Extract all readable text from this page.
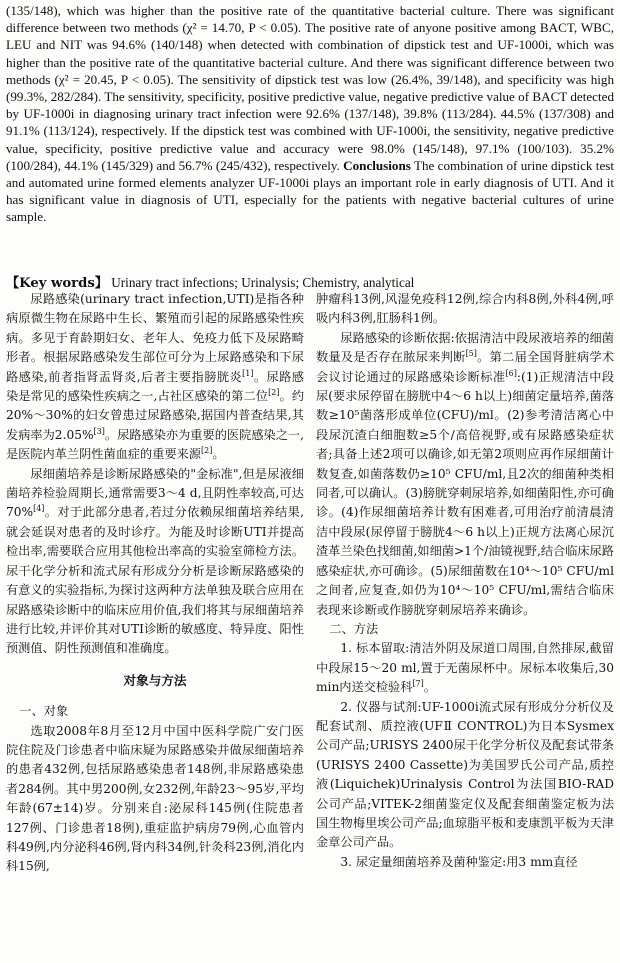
(135/148), which was higher than the positive rate of the quantitative bacterial culture. There was significant difference between two methods (χ² = 14.70, P < 0.05). The positive rate of anyone positive among BACT, WBC, LEU and NIT was 94.6% (140/148) when detected with combination of dipstick test and UF-1000i, which was higher than the positive rate of the quantitative bacterial culture. And there was significant difference between two methods (χ² = 20.45, P < 0.05). The sensitivity of dipstick test was low (26.4%, 39/148), and specificity was high (99.3%, 282/284). The sensitivity, specificity, positive predictive value, negative predictive value of BACT detected by UF-1000i in diagnosing urinary tract infection were 92.6% (137/148), 39.8% (113/284). 44.5% (137/308) and 91.1% (113/124), respectively. If the dipstick test was combined with UF-1000i, the sensitivity, negative predictive value, specificity, positive predictive value and accuracy were 98.0% (145/148), 97.1% (100/103). 35.2% (100/284), 44.1% (145/329) and 56.7% (245/432), respectively. Conclusions The combination of urine dipstick test and automated urine formed elements analyzer UF-1000i plays an important role in early diagnosis of UTI. And it has significant value in diagnosis of UTI, especially for the patients with negative bacterial cultures of urine sample.
【Key words】 Urinary tract infections; Urinalysis; Chemistry, analytical

尿路感染(urinary tract infection,UTI)是指各种病原微生物在尿路中生长、繁殖而引起的尿路感染性疾病。多见于育龄期妇女、老年人、免疫力低下及尿路畸形者。根据尿路感染发生部位可分为上尿路感染和下尿路感染,前者指肾盂肾炎,后者主要指膀胱炎[1]。尿路感染是常见的感染性疾病之一,占社区感染的第二位[2]。约20%～30%的妇女曾患过尿路感染,据国内普查结果,其发病率为2.05%[3]。尿路感染亦为重要的医院感染之一,是医院内革兰阴性菌血症的重要来源[2]。

尿细菌培养是诊断尿路感染的"金标准",但是尿液细菌培养检验周期长,通常需要3～4 d,且阴性率较高,可达70%[4]。对于此部分患者,若过分依赖尿细菌培养结果,就会延误对患者的及时诊疗。为能及时诊断UTI并提高检出率,需要联合应用其他检出率高的实验室筛检方法。尿干化学分析和流式尿有形成分分析是诊断尿路感染的有意义的实验指标,为探讨这两种方法单独及联合应用在尿路感染诊断中的临床应用价值,我们将其与尿细菌培养进行比较,并评价其对UTI诊断的敏感度、特异度、阳性预测值、阴性预测值和准确度。

对象与方法

一、对象

选取2008年8月至12月中国中医科学院广安门医院住院及门诊患者中临床疑为尿路感染并做尿细菌培养的患者432例,包括尿路感染患者148例,非尿路感染患者284例。其中男200例,女232例,年龄23～95岁,平均年龄(67±14)岁。分别来自:泌尿科145例(住院患者127例、门诊患者18例),重症监护病房79例,心血管内科49例,内分泌科46例,肾内科34例,针灸科23例,消化内科15例,

肿瘤科13例,风湿免疫科12例,综合内科8例,外科4例,呼吸内科3例,肛肠科1例。

尿路感染的诊断依据:依据清洁中段尿液培养的细菌数量及是否存在脓尿来判断[5]。第二届全国肾脏病学术会议讨论通过的尿路感染诊断标准[6]:(1)正规清洁中段尿(要求尿停留在膀胱中4～6 h以上)细菌定量培养,菌落数≥10⁵菌落形成单位(CFU)/ml。(2)参考清洁离心中段尿沉渣白细胞数≥5个/高倍视野,或有尿路感染症状者;具备上述2项可以确诊,如无第2项则应再作尿细菌计数复查,如菌落数仍≥10⁵ CFU/ml,且2次的细菌种类相同者,可以确认。(3)膀胱穿刺尿培养,如细菌阳性,亦可确诊。(4)作尿细菌培养计数有困难者,可用治疗前清晨清洁中段尿(尿停留于膀胱4～6 h以上)正规方法离心尿沉渣革兰染色找细菌,如细菌>1个/油镜视野,结合临床尿路感染症状,亦可确诊。(5)尿细菌数在10⁴～10⁵ CFU/ml之间者,应复查,如仍为10⁴～10⁵ CFU/ml,需结合临床表现来诊断或作膀胱穿刺尿培养来确诊。

二、方法

1. 标本留取:清洁外阴及尿道口周围,自然排尿,截留中段尿15～20 ml,置于无菌尿杯中。尿标本收集后,30 min内送交检验科[7]。

2. 仪器与试剂:UF-1000i流式尿有形成分分析仪及配套试剂、质控液(UFⅡ CONTROL)为日本Sysmex公司产品;URISYS 2400尿干化学分析仪及配套试带条(URISYS 2400 Cassette)为美国罗氏公司产品,质控液(Liquichek)Urinalysis Control为法国BIO-RAD公司产品;VITEK-2细菌鉴定仪及配套细菌鉴定板为法国生物梅里埃公司产品;血琼脂平板和麦康凯平板为天津金章公司产品。

3. 尿定量细菌培养及菌种鉴定:用3 mm直径
